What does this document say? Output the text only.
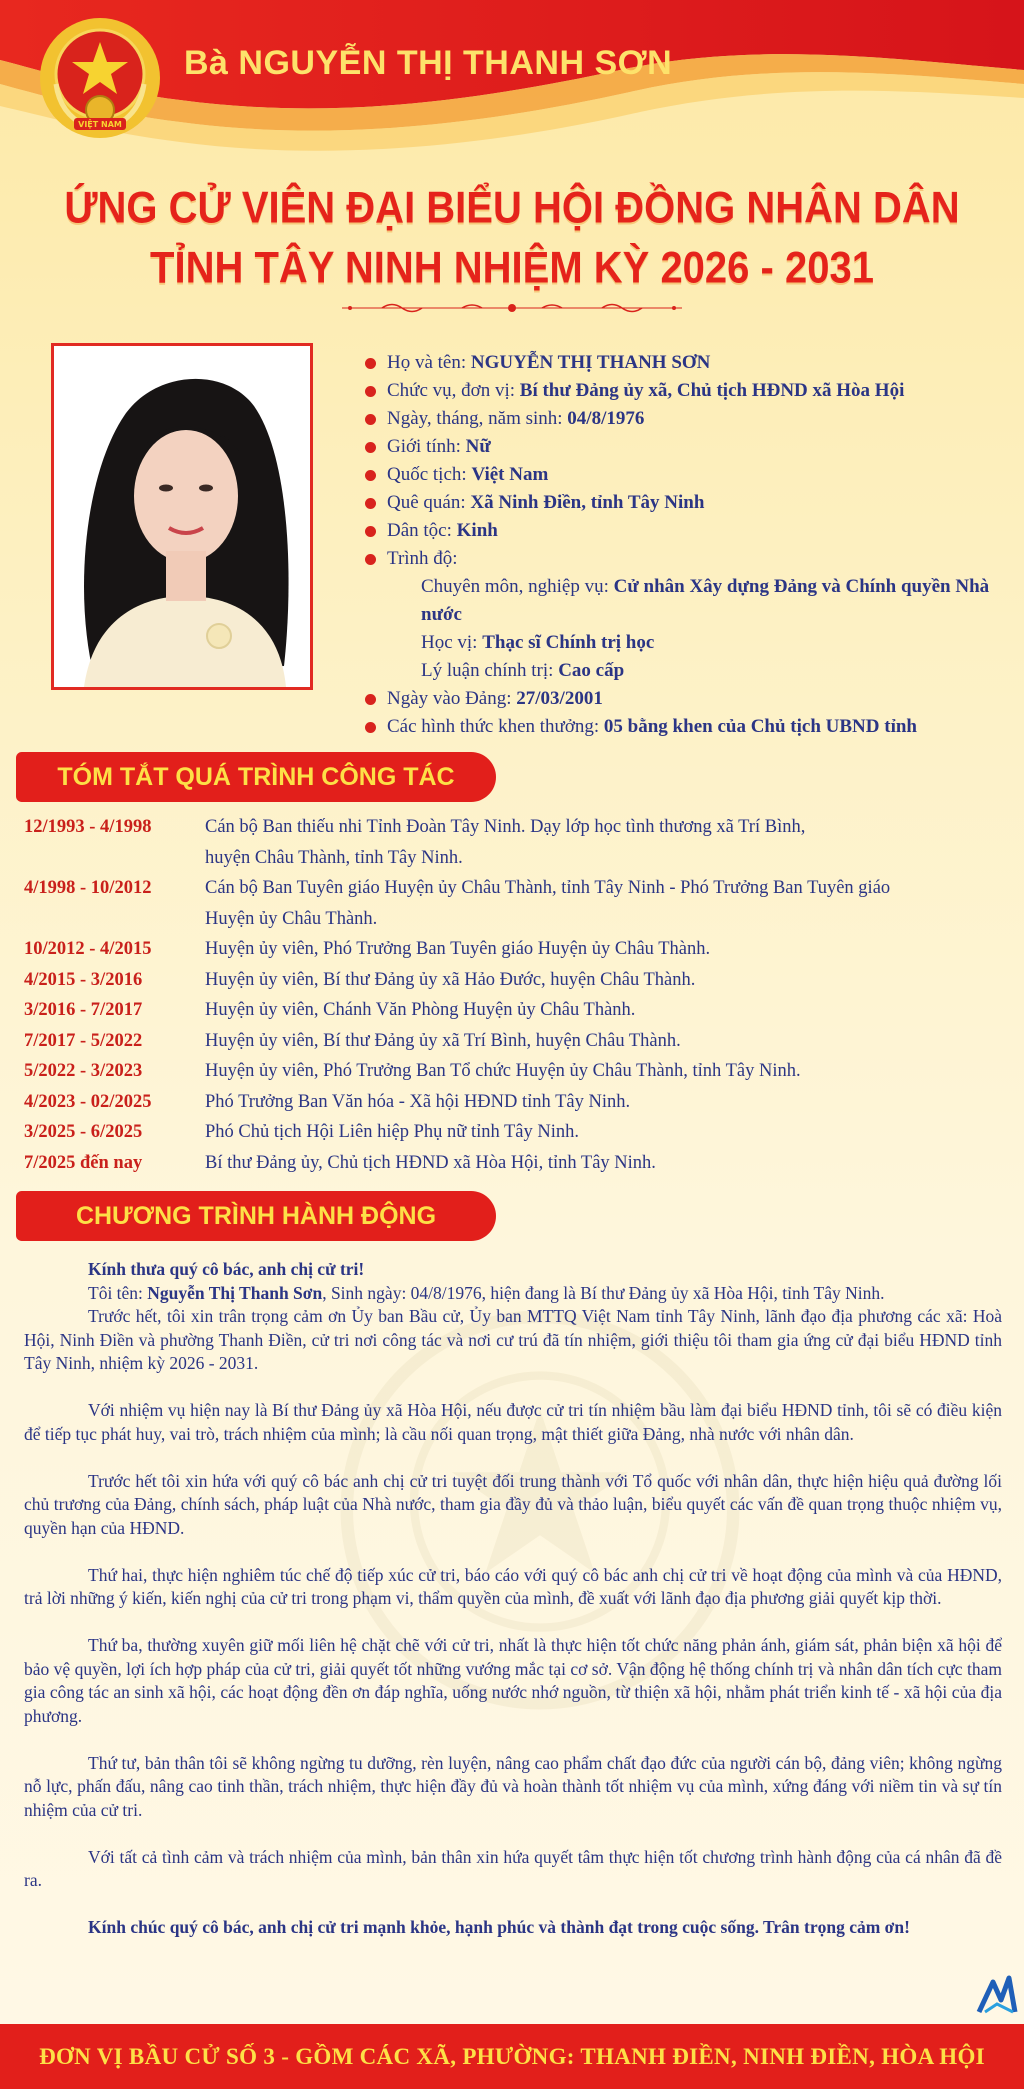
VIỆT NAM
Bà NGUYỄN THỊ THANH SƠN
ỨNG CỬ VIÊN ĐẠI BIỂU HỘI ĐỒNG NHÂN DÂN
TỈNH TÂY NINH NHIỆM KỲ 2026 - 2031
Họ và tên: NGUYỄN THỊ THANH SƠN
Chức vụ, đơn vị: Bí thư Đảng ủy xã, Chủ tịch HĐND xã Hòa Hội
Ngày, tháng, năm sinh: 04/8/1976
Giới tính: Nữ
Quốc tịch: Việt Nam
Quê quán: Xã Ninh Điền, tỉnh Tây Ninh
Dân tộc: Kinh
Trình độ:
Chuyên môn, nghiệp vụ: Cử nhân Xây dựng Đảng và Chính quyền Nhà nước
Học vị: Thạc sĩ Chính trị học
Lý luận chính trị: Cao cấp
Ngày vào Đảng: 27/03/2001
Các hình thức khen thưởng: 05 bằng khen của Chủ tịch UBND tỉnh
TÓM TẮT QUÁ TRÌNH CÔNG TÁC
12/1993 - 4/1998	Cán bộ Ban thiếu nhi Tỉnh Đoàn Tây Ninh. Dạy lớp học tình thương xã Trí Bình,
huyện Châu Thành, tỉnh Tây Ninh.
4/1998 - 10/2012	Cán bộ Ban Tuyên giáo Huyện ủy Châu Thành, tỉnh Tây Ninh - Phó Trưởng Ban Tuyên giáo
Huyện ủy Châu Thành.
10/2012 - 4/2015	Huyện ủy viên, Phó Trưởng Ban Tuyên giáo Huyện ủy Châu Thành.
4/2015 - 3/2016	Huyện ủy viên, Bí thư Đảng ủy xã Hảo Đước, huyện Châu Thành.
3/2016 - 7/2017	Huyện ủy viên, Chánh Văn Phòng Huyện ủy Châu Thành.
7/2017 - 5/2022	Huyện ủy viên, Bí thư Đảng ủy xã Trí Bình, huyện Châu Thành.
5/2022 - 3/2023	Huyện ủy viên, Phó Trưởng Ban Tổ chức Huyện ủy Châu Thành, tỉnh Tây Ninh.
4/2023 - 02/2025	Phó Trưởng Ban Văn hóa - Xã hội HĐND tỉnh Tây Ninh.
3/2025 - 6/2025	Phó Chủ tịch Hội Liên hiệp Phụ nữ tỉnh Tây Ninh.
7/2025 đến nay	Bí thư Đảng ủy, Chủ tịch HĐND xã Hòa Hội, tỉnh Tây Ninh.
CHƯƠNG TRÌNH HÀNH ĐỘNG

Kính thưa quý cô bác, anh chị cử tri!

Tôi tên: Nguyễn Thị Thanh Sơn, Sinh ngày: 04/8/1976, hiện đang là Bí thư Đảng ủy xã Hòa Hội, tỉnh Tây Ninh.

Trước hết, tôi xin trân trọng cảm ơn Ủy ban Bầu cử, Ủy ban MTTQ Việt Nam tỉnh Tây Ninh, lãnh đạo địa phương các xã: Hoà Hội, Ninh Điền và phường Thanh Điền, cử tri nơi công tác và nơi cư trú đã tín nhiệm, giới thiệu tôi tham gia ứng cử đại biểu HĐND tỉnh Tây Ninh, nhiệm kỳ 2026 - 2031.

Với nhiệm vụ hiện nay là Bí thư Đảng ủy xã Hòa Hội, nếu được cử tri tín nhiệm bầu làm đại biểu HĐND tỉnh, tôi sẽ có điều kiện để tiếp tục phát huy, vai trò, trách nhiệm của mình; là cầu nối quan trọng, mật thiết giữa Đảng, nhà nước với nhân dân.

Trước hết tôi xin hứa với quý cô bác anh chị cử tri tuyệt đối trung thành với Tổ quốc với nhân dân, thực hiện hiệu quả đường lối chủ trương của Đảng, chính sách, pháp luật của Nhà nước, tham gia đầy đủ và thảo luận, biểu quyết các vấn đề quan trọng thuộc nhiệm vụ, quyền hạn của HĐND.

Thứ hai, thực hiện nghiêm túc chế độ tiếp xúc cử tri, báo cáo với quý cô bác anh chị cử tri về hoạt động của mình và của HĐND, trả lời những ý kiến, kiến nghị của cử tri trong phạm vi, thẩm quyền của mình, đề xuất với lãnh đạo địa phương giải quyết kịp thời.

Thứ ba, thường xuyên giữ mối liên hệ chặt chẽ với cử tri, nhất là thực hiện tốt chức năng phản ánh, giám sát, phản biện xã hội để bảo vệ quyền, lợi ích hợp pháp của cử tri, giải quyết tốt những vướng mắc tại cơ sở. Vận động hệ thống chính trị và nhân dân tích cực tham gia công tác an sinh xã hội, các hoạt động đền ơn đáp nghĩa, uống nước nhớ nguồn, từ thiện xã hội, nhằm phát triển kinh tế - xã hội của địa phương.

Thứ tư, bản thân tôi sẽ không ngừng tu dưỡng, rèn luyện, nâng cao phẩm chất đạo đức của người cán bộ, đảng viên; không ngừng nỗ lực, phấn đấu, nâng cao tinh thần, trách nhiệm, thực hiện đầy đủ và hoàn thành tốt nhiệm vụ của mình, xứng đáng với niềm tin và sự tín nhiệm của cử tri.

Với tất cả tình cảm và trách nhiệm của mình, bản thân xin hứa quyết tâm thực hiện tốt chương trình hành động của cá nhân đã đề ra.

Kính chúc quý cô bác, anh chị cử tri mạnh khỏe, hạnh phúc và thành đạt trong cuộc sống. Trân trọng cảm ơn!

ĐƠN VỊ BẦU CỬ SỐ 3 - GỒM CÁC XÃ, PHƯỜNG: THANH ĐIỀN, NINH ĐIỀN, HÒA HỘI
